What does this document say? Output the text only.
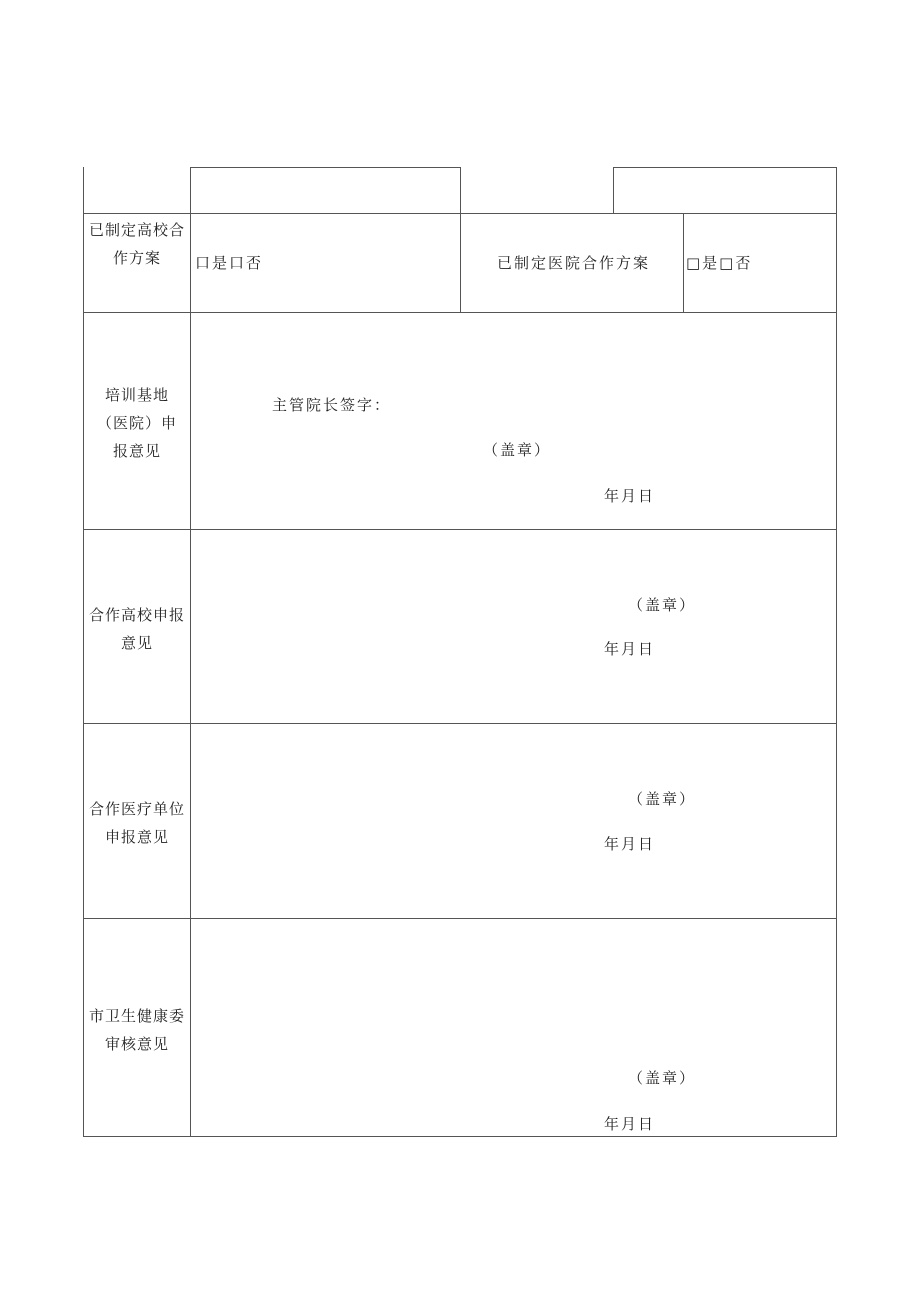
已制定高校合作方案	口是口否	已制定医院合作方案 □是□否
培训基地（医院）申报意见
主管院长签字：
（盖章）
年月日
合作高校申报意见
（盖章）
年月日
合作医疗单位申报意见
（盖章）
年月日
市卫生健康委审核意见
（盖章）
年月日
